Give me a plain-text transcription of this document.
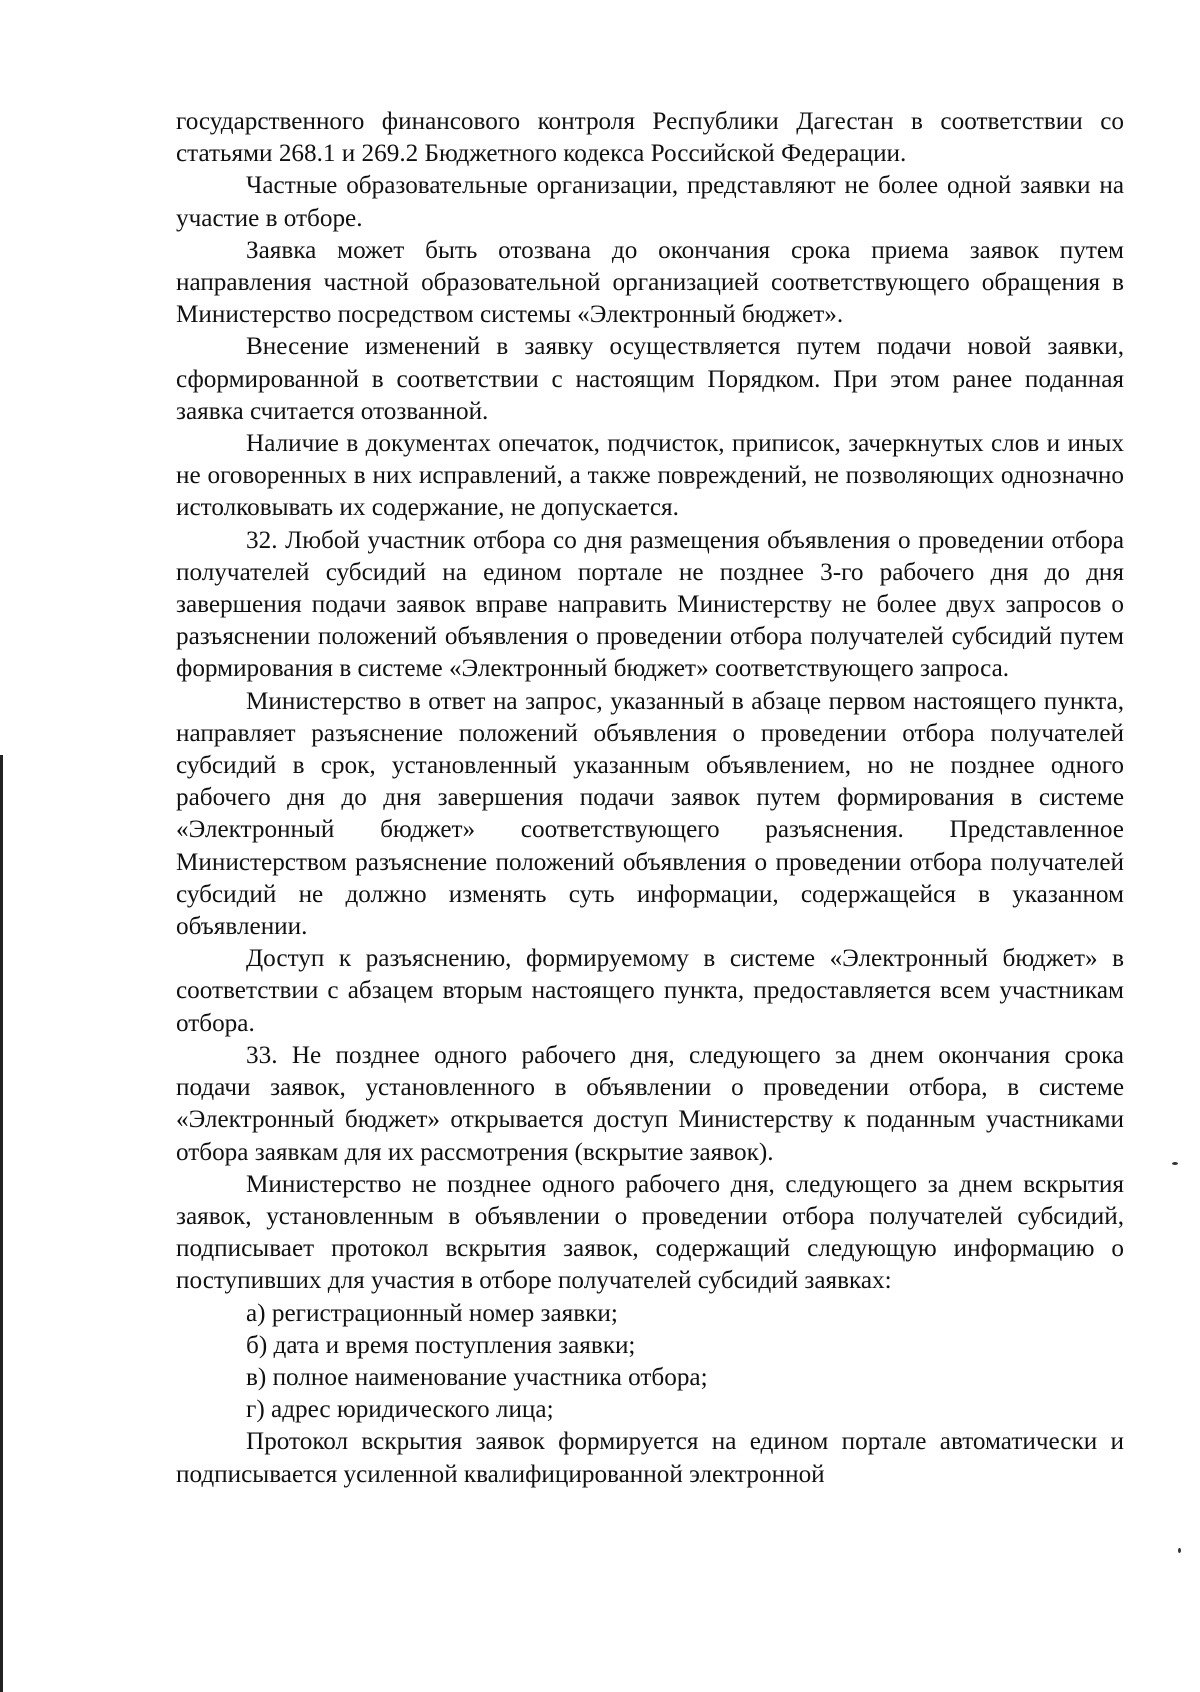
государственного финансового контроля Республики Дагестан в соответствии со статьями 268.1 и 269.2 Бюджетного кодекса Российской Федерации.

Частные образовательные организации, представляют не более одной заявки на участие в отборе.

Заявка может быть отозвана до окончания срока приема заявок путем направления частной образовательной организацией соответствующего обращения в Министерство посредством системы «Электронный бюджет».

Внесение изменений в заявку осуществляется путем подачи новой заявки, сформированной в соответствии с настоящим Порядком. При этом ранее поданная заявка считается отозванной.

Наличие в документах опечаток, подчисток, приписок, зачеркнутых слов и иных не оговоренных в них исправлений, а также повреждений, не позволяющих однозначно истолковывать их содержание, не допускается.

32. Любой участник отбора со дня размещения объявления о проведении отбора получателей субсидий на едином портале не позднее 3-го рабочего дня до дня завершения подачи заявок вправе направить Министерству не более двух запросов о разъяснении положений объявления о проведении отбора получателей субсидий путем формирования в системе «Электронный бюджет» соответствующего запроса.

Министерство в ответ на запрос, указанный в абзаце первом настоящего пункта, направляет разъяснение положений объявления о проведении отбора получателей субсидий в срок, установленный указанным объявлением, но не позднее одного рабочего дня до дня завершения подачи заявок путем формирования в системе «Электронный бюджет» соответствующего разъяснения. Представленное Министерством разъяснение положений объявления о проведении отбора получателей субсидий не должно изменять суть информации, содержащейся в указанном объявлении.

Доступ к разъяснению, формируемому в системе «Электронный бюджет» в соответствии с абзацем вторым настоящего пункта, предоставляется всем участникам отбора.

33. Не позднее одного рабочего дня, следующего за днем окончания срока подачи заявок, установленного в объявлении о проведении отбора, в системе «Электронный бюджет» открывается доступ Министерству к поданным участниками отбора заявкам для их рассмотрения (вскрытие заявок).

Министерство не позднее одного рабочего дня, следующего за днем вскрытия заявок, установленным в объявлении о проведении отбора получателей субсидий, подписывает протокол вскрытия заявок, содержащий следующую информацию о поступивших для участия в отборе получателей субсидий заявках:

а) регистрационный номер заявки;

б) дата и время поступления заявки;

в) полное наименование участника отбора;

г) адрес юридического лица;

Протокол вскрытия заявок формируется на едином портале автоматически и подписывается усиленной квалифицированной электронной
